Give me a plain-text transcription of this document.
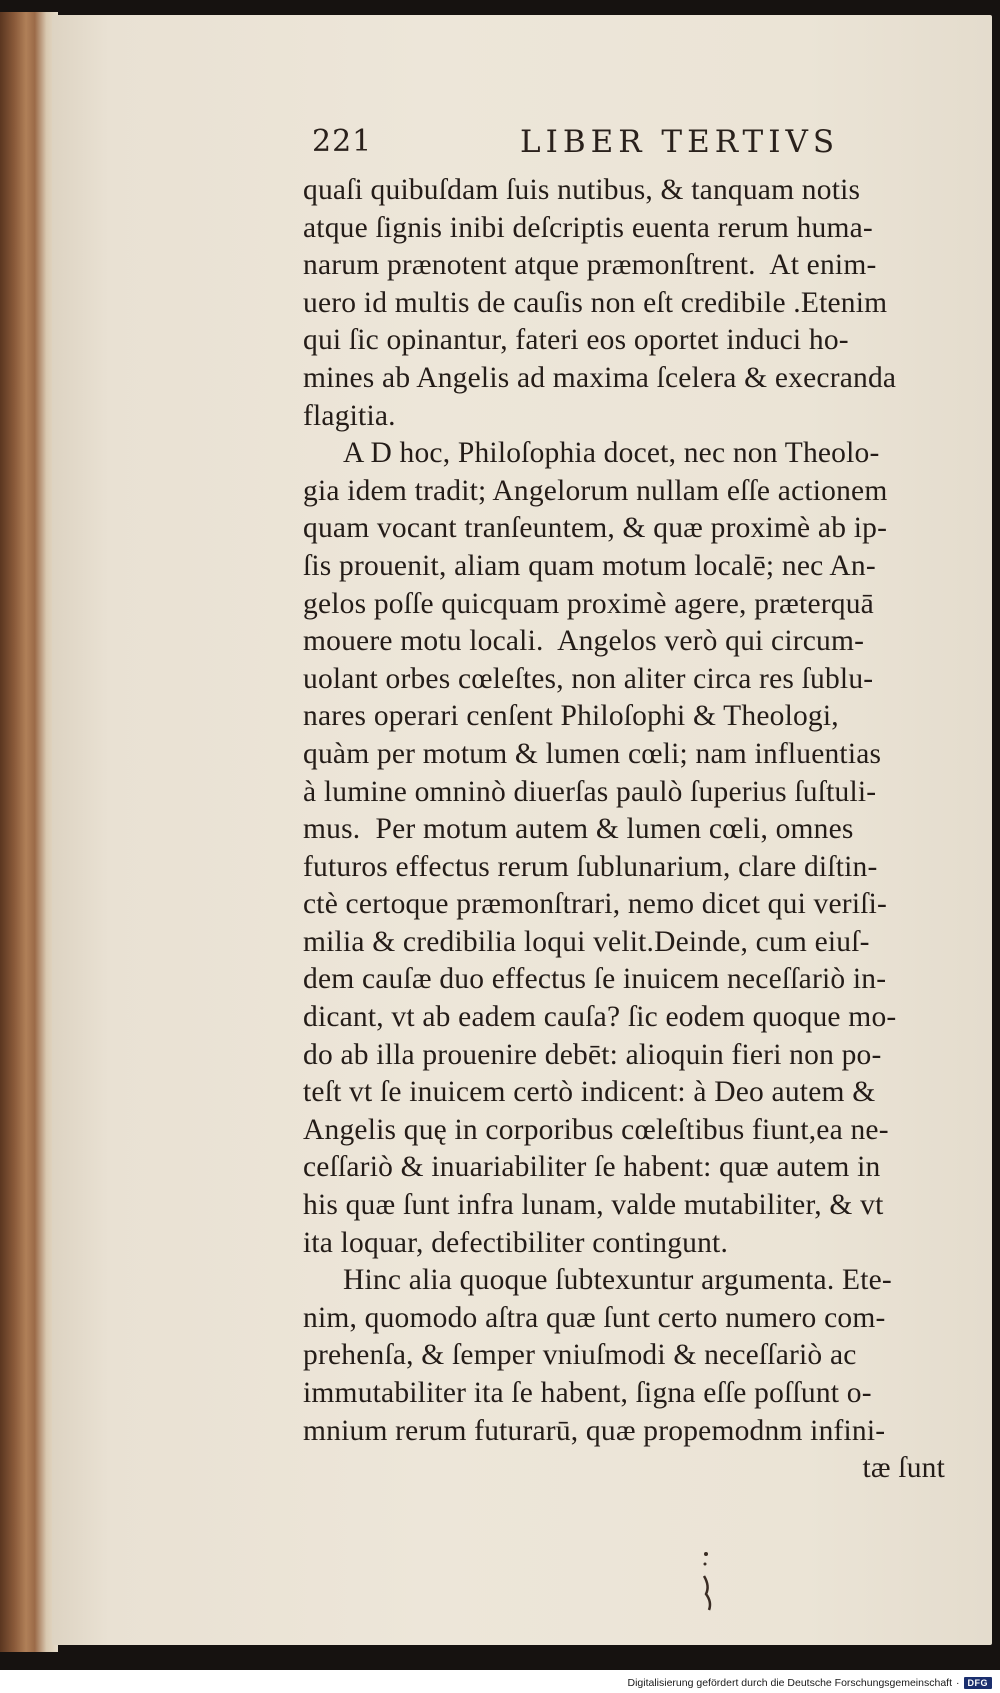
221	LIBER TERTIVS
quaſi quibuſdam ſuis nutibus, & tanquam notis
atque ſignis inibi deſcriptis euenta rerum huma-
narum prænotent atque præmonſtrent.  At enim-
uero id multis de cauſis non eſt credibile .Etenim
qui ſic opinantur, fateri eos oportet induci ho-
mines ab Angelis ad maxima ſcelera & execranda
flagitia.
A D hoc, Philoſophia docet, nec non Theolo-
gia idem tradit; Angelorum nullam eſſe actionem
quam vocant tranſeuntem, & quæ proximè ab ip-
ſis prouenit, aliam quam motum localē; nec An-
gelos poſſe quicquam proximè agere, præterquā
mouere motu locali.  Angelos verò qui circum-
uolant orbes cœleſtes, non aliter circa res ſublu-
nares operari cenſent Philoſophi & Theologi,
quàm per motum & lumen cœli; nam influentias
à lumine omninò diuerſas paulò ſuperius ſuſtuli-
mus.  Per motum autem & lumen cœli, omnes
futuros effectus rerum ſublunarium, clare diſtin-
ctè certoque præmonſtrari, nemo dicet qui veriſi-
milia & credibilia loqui velit.Deinde, cum eiuſ-
dem cauſæ duo effectus ſe inuicem neceſſariò in-
dicant, vt ab eadem cauſa? ſic eodem quoque mo-
do ab illa prouenire debēt: alioquin fieri non po-
teſt vt ſe inuicem certò indicent: à Deo autem &
Angelis quę in corporibus cœleſtibus fiunt,ea ne-
ceſſariò & inuariabiliter ſe habent: quæ autem in
his quæ ſunt infra lunam, valde mutabiliter, & vt
ita loquar, defectibiliter contingunt.
Hinc alia quoque ſubtexuntur argumenta. Ete-
nim, quomodo aſtra quæ ſunt certo numero com-
prehenſa, & ſemper vniuſmodi & neceſſariò ac
immutabiliter ita ſe habent, ſigna eſſe poſſunt o-
mnium rerum futurarū, quæ propemodnm infini-
tæ ſunt
Digitalisierung gefördert durch die Deutsche Forschungsgemeinschaft · DFG
